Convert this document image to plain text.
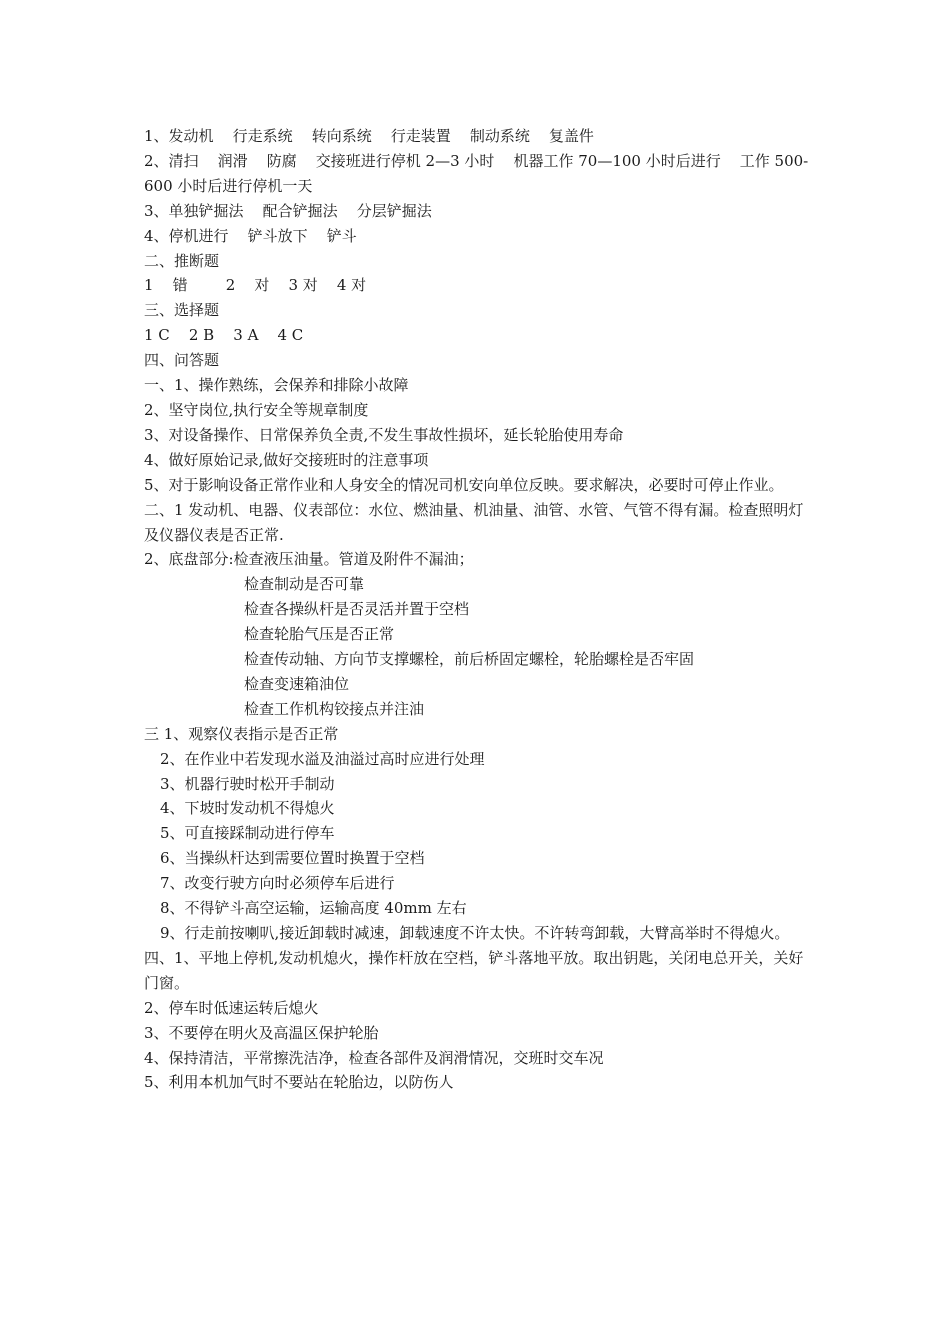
1、发动机    行走系统    转向系统    行走装置    制动系统    复盖件

2、清扫    润滑    防腐    交接班进行停机 2—3 小时    机器工作 70—100 小时后进行    工作 500-600 小时后进行停机一天

3、单独铲掘法    配合铲掘法    分层铲掘法

4、停机进行    铲斗放下    铲斗

二、推断题

1    错        2    对    3 对    4 对

三、选择题

1 C    2 B    3 A    4 C

四、问答题

一、1、操作熟练，会保养和排除小故障

2、坚守岗位,执行安全等规章制度

3、对设备操作、日常保养负全责,不发生事故性损坏，延长轮胎使用寿命

4、做好原始记录,做好交接班时的注意事项

5、对于影响设备正常作业和人身安全的情况司机安向单位反映。要求解决，必要时可停止作业。

二、1 发动机、电器、仪表部位：水位、燃油量、机油量、油管、水管、气管不得有漏。检查照明灯及仪器仪表是否正常.

2、底盘部分:检查液压油量。管道及附件不漏油；

检查制动是否可靠

检查各操纵杆是否灵活并置于空档

检查轮胎气压是否正常

检查传动轴、方向节支撑螺栓，前后桥固定螺栓，轮胎螺栓是否牢固

检查变速箱油位

检查工作机构铰接点并注油

三 1、观察仪表指示是否正常

2、在作业中若发现水溢及油溢过高时应进行处理

3、机器行驶时松开手制动

4、下坡时发动机不得熄火

5、可直接踩制动进行停车

6、当操纵杆达到需要位置时换置于空档

7、改变行驶方向时必须停车后进行

8、不得铲斗高空运输，运输高度 40mm 左右

9、行走前按喇叭,接近卸载时减速，卸载速度不许太快。不许转弯卸载，大臂高举时不得熄火。

四、1、平地上停机,发动机熄火，操作杆放在空档，铲斗落地平放。取出钥匙，关闭电总开关，关好门窗。

2、停车时低速运转后熄火

3、不要停在明火及高温区保护轮胎

4、保持清洁，平常擦洗洁净，检查各部件及润滑情况，交班时交车况

5、利用本机加气时不要站在轮胎边，以防伤人
